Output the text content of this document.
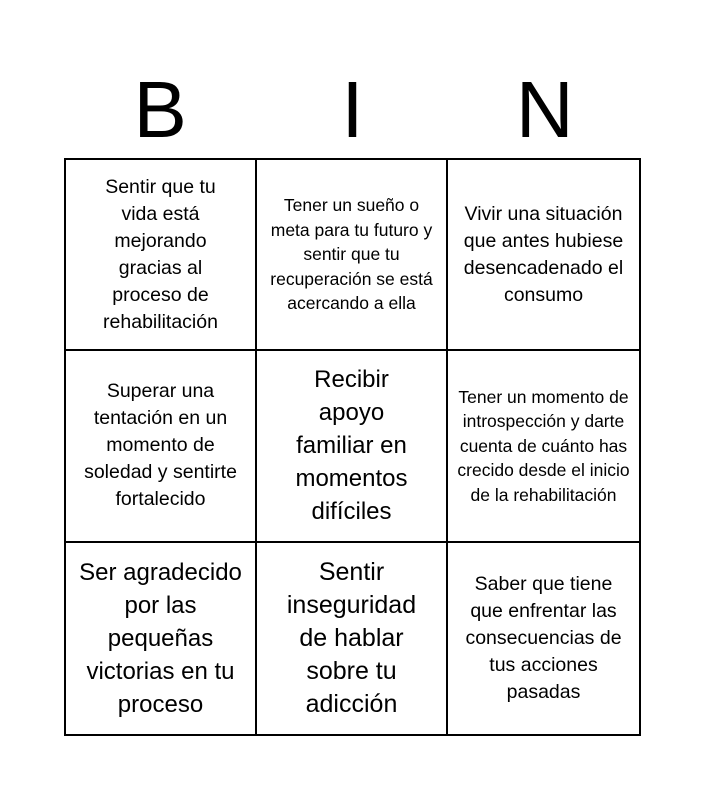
B	I	N
Sentir que tu vida está mejorando gracias al proceso de rehabilitación
Tener un sueño o meta para tu futuro y sentir que tu recuperación se está acercando a ella
Vivir una situación que antes hubiese desencadenado el consumo
Superar una tentación en un momento de soledad y sentirte fortalecido
Recibir apoyo familiar en momentos difíciles
Tener un momento de introspección y darte cuenta de cuánto has crecido desde el inicio de la rehabilitación
Ser agradecido por las pequeñas victorias en tu proceso
Sentir inseguridad de hablar sobre tu adicción
Saber que tiene que enfrentar las consecuencias de tus acciones pasadas
